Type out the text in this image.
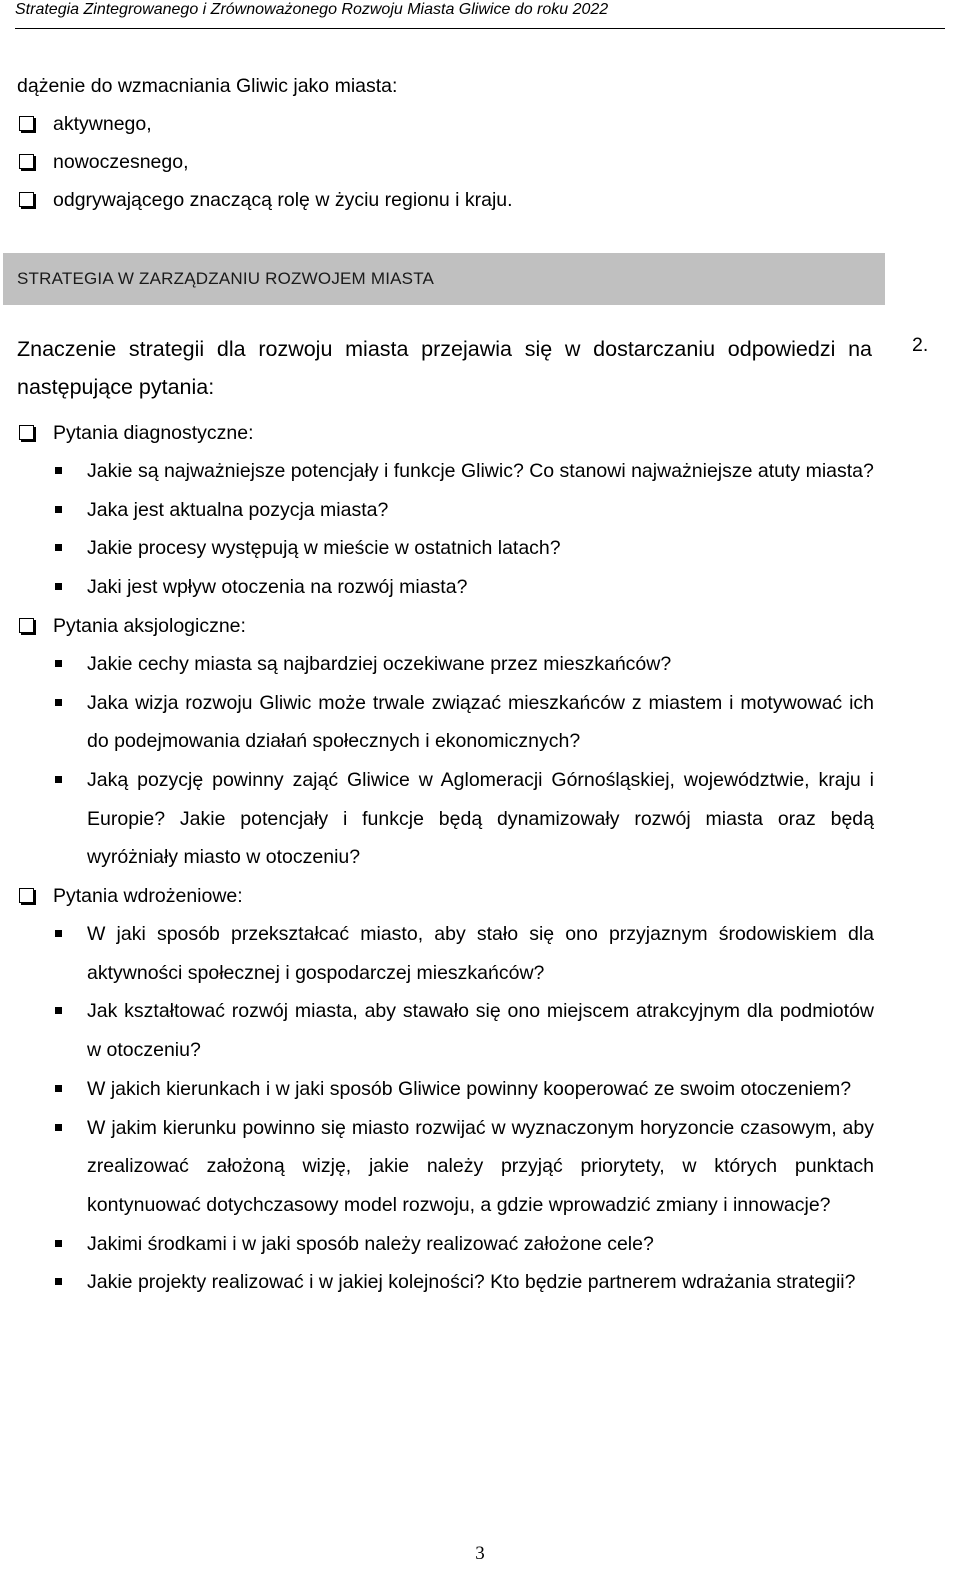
Strategia Zintegrowanego i Zrównoważonego Rozwoju Miasta Gliwice do roku 2022
dążenie do wzmacniania Gliwic jako miasta:
aktywnego,
nowoczesnego,
odgrywającego znaczącą rolę w życiu regionu i kraju.
STRATEGIA W ZARZĄDZANIU ROZWOJEM MIASTA
2.
Znaczenie strategii dla rozwoju miasta przejawia się w dostarczaniu odpowiedzi na następujące pytania:
Pytania diagnostyczne:
Jakie są najważniejsze potencjały i funkcje Gliwic? Co stanowi najważniejsze atuty miasta?
Jaka jest aktualna pozycja miasta?
Jakie procesy występują w mieście w ostatnich latach?
Jaki jest wpływ otoczenia na rozwój miasta?
Pytania aksjologiczne:
Jakie cechy miasta są najbardziej oczekiwane przez mieszkańców?
Jaka wizja rozwoju Gliwic może trwale związać mieszkańców z miastem i motywować ich do podejmowania działań społecznych i ekonomicznych?
Jaką pozycję powinny zająć Gliwice w Aglomeracji Górnośląskiej, województwie, kraju i Europie? Jakie potencjały i funkcje będą dynamizowały rozwój miasta oraz będą wyróżniały miasto w otoczeniu?
Pytania wdrożeniowe:
W jaki sposób przekształcać miasto, aby stało się ono przyjaznym środowiskiem dla aktywności społecznej i gospodarczej mieszkańców?
Jak kształtować rozwój miasta, aby stawało się ono miejscem atrakcyjnym dla podmiotów w otoczeniu?
W jakich kierunkach i w jaki sposób Gliwice powinny kooperować ze swoim otoczeniem?
W jakim kierunku powinno się miasto rozwijać w wyznaczonym horyzoncie czasowym, aby zrealizować założoną wizję, jakie należy przyjąć priorytety, w których punktach kontynuować dotychczasowy model rozwoju, a gdzie wprowadzić zmiany i innowacje?
Jakimi środkami i w jaki sposób należy realizować założone cele?
Jakie projekty realizować i w jakiej kolejności? Kto będzie partnerem wdrażania strategii?
3
